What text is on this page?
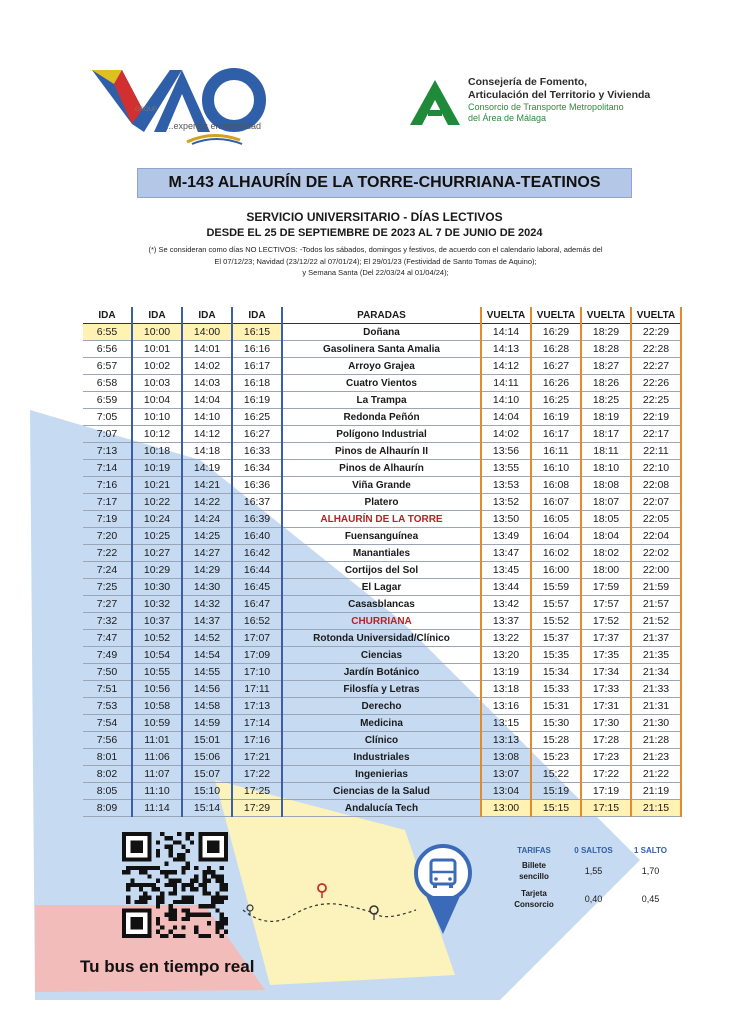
GROUP
...expertos en movilidad
Consejería de Fomento,
Articulación del Territorio y Vivienda
Consorcio de Transporte Metropolitano
del Área de Málaga
M-143 ALHAURÍN DE LA TORRE-CHURRIANA-TEATINOS
SERVICIO UNIVERSITARIO - DÍAS LECTIVOS
DESDE EL 25 DE SEPTIEMBRE DE 2023 AL 7 DE JUNIO DE 2024
(*) Se consideran como días NO LECTIVOS: -Todos los sábados, domingos y festivos, de acuerdo con el calendario laboral, además del
El 07/12/23; Navidad (23/12/22 al 07/01/24); El 29/01/23 (Festividad de Santo Tomas de Aquino);
y Semana Santa (Del 22/03/24 al 01/04/24);
IDA	IDA	IDA	IDA	PARADAS	VUELTA	VUELTA	VUELTA	VUELTA
6:55	10:00	14:00	16:15	Doñana	14:14	16:29	18:29	22:29
6:56	10:01	14:01	16:16	Gasolinera Santa Amalia	14:13	16:28	18:28	22:28
6:57	10:02	14:02	16:17	Arroyo Grajea	14:12	16:27	18:27	22:27
6:58	10:03	14:03	16:18	Cuatro Vientos	14:11	16:26	18:26	22:26
6:59	10:04	14:04	16:19	La Trampa	14:10	16:25	18:25	22:25
7:05	10:10	14:10	16:25	Redonda Peñón	14:04	16:19	18:19	22:19
7:07	10:12	14:12	16:27	Polígono Industrial	14:02	16:17	18:17	22:17
7:13	10:18	14:18	16:33	Pinos de Alhaurín II	13:56	16:11	18:11	22:11
7:14	10:19	14:19	16:34	Pinos de Alhaurín	13:55	16:10	18:10	22:10
7:16	10:21	14:21	16:36	Viña Grande	13:53	16:08	18:08	22:08
7:17	10:22	14:22	16:37	Platero	13:52	16:07	18:07	22:07
7:19	10:24	14:24	16:39	ALHAURÍN DE LA TORRE	13:50	16:05	18:05	22:05
7:20	10:25	14:25	16:40	Fuensanguínea	13:49	16:04	18:04	22:04
7:22	10:27	14:27	16:42	Manantiales	13:47	16:02	18:02	22:02
7:24	10:29	14:29	16:44	Cortijos del Sol	13:45	16:00	18:00	22:00
7:25	10:30	14:30	16:45	El Lagar	13:44	15:59	17:59	21:59
7:27	10:32	14:32	16:47	Casasblancas	13:42	15:57	17:57	21:57
7:32	10:37	14:37	16:52	CHURRIANA	13:37	15:52	17:52	21:52
7:47	10:52	14:52	17:07	Rotonda Universidad/Clínico	13:22	15:37	17:37	21:37
7:49	10:54	14:54	17:09	Ciencias	13:20	15:35	17:35	21:35
7:50	10:55	14:55	17:10	Jardín Botánico	13:19	15:34	17:34	21:34
7:51	10:56	14:56	17:11	Filosfía y Letras	13:18	15:33	17:33	21:33
7:53	10:58	14:58	17:13	Derecho	13:16	15:31	17:31	21:31
7:54	10:59	14:59	17:14	Medicina	13:15	15:30	17:30	21:30
7:56	11:01	15:01	17:16	Clínico	13:13	15:28	17:28	21:28
8:01	11:06	15:06	17:21	Industriales	13:08	15:23	17:23	21:23
8:02	11:07	15:07	17:22	Ingenierias	13:07	15:22	17:22	21:22
8:05	11:10	15:10	17:25	Ciencias de la Salud	13:04	15:19	17:19	21:19
8:09	11:14	15:14	17:29	Andalucía Tech	13:00	15:15	17:15	21:15
Tu bus en tiempo real
TARIFAS	0 SALTOS	1 SALTO

Billete
sencillo	1,55	1,70

Tarjeta
Consorcio	0,40	0,45
